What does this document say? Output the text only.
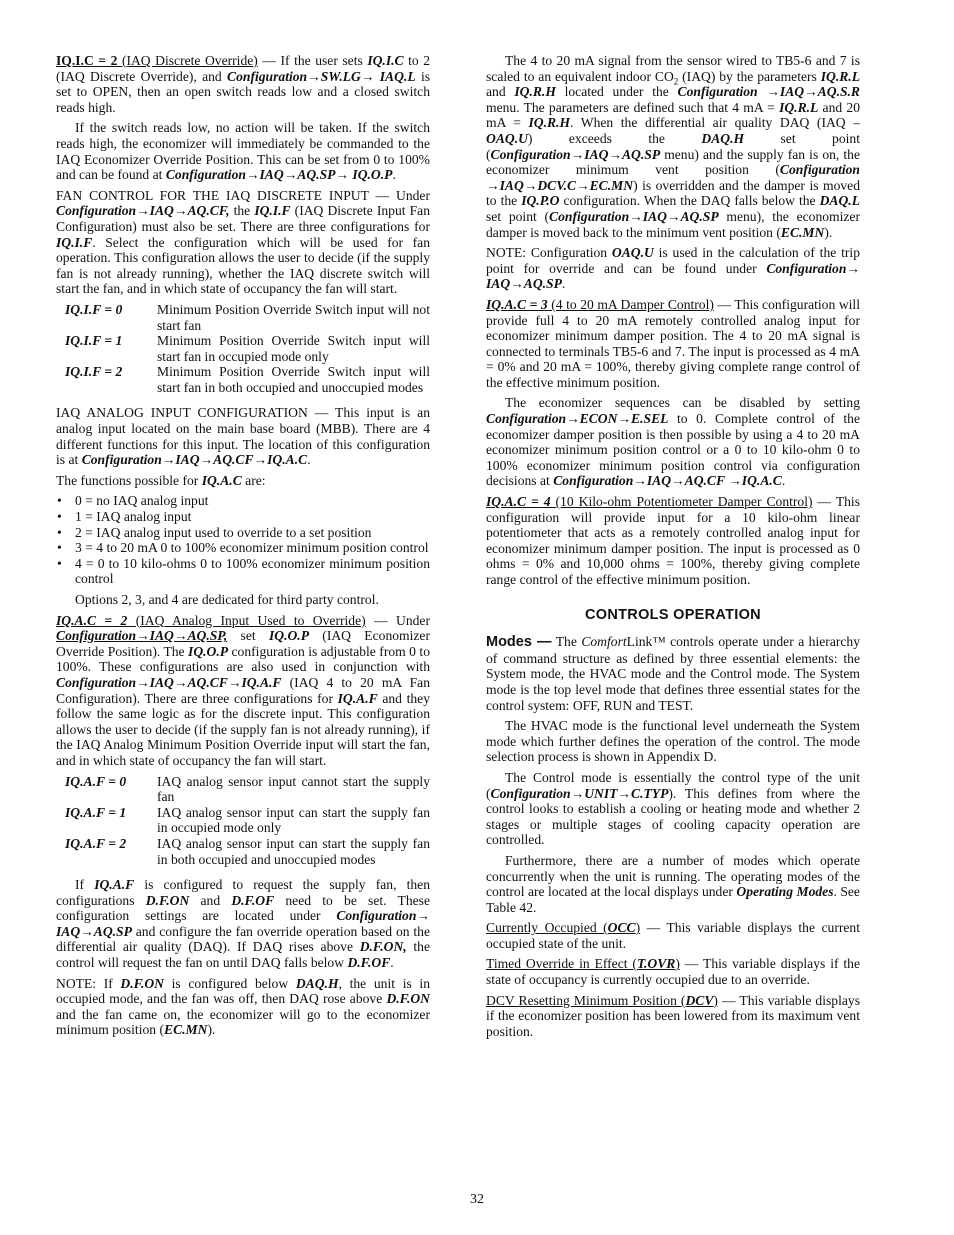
IQ.I.C = 2 (IAQ Discrete Override) — If the user sets IQ.I.C to 2 (IAQ Discrete Override), and Configuration→SW.LG→ IAQ.L is set to OPEN, then an open switch reads low and a closed switch reads high.

If the switch reads low, no action will be taken. If the switch reads high, the economizer will immediately be commanded to the IAQ Economizer Override Position. This can be set from 0 to 100% and can be found at Configuration→IAQ→AQ.SP→ IQ.O.P.

FAN CONTROL FOR THE IAQ DISCRETE INPUT — Under Configuration→IAQ→AQ.CF, the IQ.I.F (IAQ Discrete Input Fan Configuration) must also be set. There are three configurations for IQ.I.F. Select the configuration which will be used for fan operation. This configuration allows the user to decide (if the supply fan is not already running), whether the IAQ discrete switch will start the fan, and in which state of occupancy the fan will start.

IQ.I.F = 0	Minimum Position Override Switch input will not start fan
IQ.I.F = 1	Minimum Position Override Switch input will start fan in occupied mode only
IQ.I.F = 2	Minimum Position Override Switch input will start fan in both occupied and unoccupied modes

IAQ ANALOG INPUT CONFIGURATION — This input is an analog input located on the main base board (MBB). There are 4 different functions for this input. The location of this configuration is at Configuration→IAQ→AQ.CF→IQ.A.C.

The functions possible for IQ.A.C are:

• 0 = no IAQ analog input
• 1 = IAQ analog input
• 2 = IAQ analog input used to override to a set position
• 3 = 4 to 20 mA 0 to 100% economizer minimum position control
• 4 = 0 to 10 kilo-ohms 0 to 100% economizer minimum position control

Options 2, 3, and 4 are dedicated for third party control.

IQ.A.C = 2 (IAQ Analog Input Used to Override) — Under Configuration→IAQ→AQ.SP, set IQ.O.P (IAQ Economizer Override Position). The IQ.O.P configuration is adjustable from 0 to 100%. These configurations are also used in conjunction with Configuration→IAQ→AQ.CF→IQ.A.F (IAQ 4 to 20 mA Fan Configuration). There are three configurations for IQ.A.F and they follow the same logic as for the discrete input. This configuration allows the user to decide (if the supply fan is not already running), if the IAQ Analog Minimum Position Override input will start the fan, and in which state of occupancy the fan will start.

IQ.A.F = 0	IAQ analog sensor input cannot start the supply fan
IQ.A.F = 1	IAQ analog sensor input can start the supply fan in occupied mode only
IQ.A.F = 2	IAQ analog sensor input can start the supply fan in both occupied and unoccupied modes

If IQ.A.F is configured to request the supply fan, then configurations D.F.ON and D.F.OF need to be set. These configuration settings are located under Configuration→ IAQ→AQ.SP and configure the fan override operation based on the differential air quality (DAQ). If DAQ rises above D.F.ON, the control will request the fan on until DAQ falls below D.F.OF.

NOTE: If D.F.ON is configured below DAQ.H, the unit is in occupied mode, and the fan was off, then DAQ rose above D.F.ON and the fan came on, the economizer will go to the economizer minimum position (EC.MN).

The 4 to 20 mA signal from the sensor wired to TB5-6 and 7 is scaled to an equivalent indoor $CO_2$ (IAQ) by the parameters IQ.R.L and IQ.R.H located under the Configuration →IAQ→AQ.S.R menu. The parameters are defined such that 4 mA = IQ.R.L and 20 mA = IQ.R.H. When the differential air quality DAQ (IAQ – OAQ.U) exceeds the DAQ.H set point (Configuration→IAQ→AQ.SP menu) and the supply fan is on, the economizer minimum vent position (Configuration →IAQ→DCV.C→EC.MN) is overridden and the damper is moved to the IQ.P.O configuration. When the DAQ falls below the DAQ.L set point (Configuration→IAQ→AQ.SP menu), the economizer damper is moved back to the minimum vent position (EC.MN).

NOTE: Configuration OAQ.U is used in the calculation of the trip point for override and can be found under Configuration→ IAQ→AQ.SP.

IQ.A.C = 3 (4 to 20 mA Damper Control) — This configuration will provide full 4 to 20 mA remotely controlled analog input for economizer minimum damper position. The 4 to 20 mA signal is connected to terminals TB5-6 and 7. The input is processed as 4 mA = 0% and 20 mA = 100%, thereby giving complete range control of the effective minimum position.

The economizer sequences can be disabled by setting Configuration→ECON→E.SEL to 0. Complete control of the economizer damper position is then possible by using a 4 to 20 mA economizer minimum position control or a 0 to 10 kilo-ohm 0 to 100% economizer minimum position control via configuration decisions at Configuration→IAQ→AQ.CF →IQ.A.C.

IQ.A.C = 4 (10 Kilo-ohm Potentiometer Damper Control) — This configuration will provide input for a 10 kilo-ohm linear potentiometer that acts as a remotely controlled analog input for economizer minimum damper position. The input is processed as 0 ohms = 0% and 10,000 ohms = 100%, thereby giving complete range control of the effective minimum position.

CONTROLS OPERATION

Modes — The ComfortLink™ controls operate under a hierarchy of command structure as defined by three essential elements: the System mode, the HVAC mode and the Control mode. The System mode is the top level mode that defines three essential states for the control system: OFF, RUN and TEST.

The HVAC mode is the functional level underneath the System mode which further defines the operation of the control. The mode selection process is shown in Appendix D.

The Control mode is essentially the control type of the unit (Configuration→UNIT→C.TYP). This defines from where the control looks to establish a cooling or heating mode and whether 2 stages or multiple stages of cooling capacity operation are controlled.

Furthermore, there are a number of modes which operate concurrently when the unit is running. The operating modes of the control are located at the local displays under Operating Modes. See Table 42.

Currently Occupied (OCC) — This variable displays the current occupied state of the unit.

Timed Override in Effect (T.OVR) — This variable displays if the state of occupancy is currently occupied due to an override.

DCV Resetting Minimum Position (DCV) — This variable displays if the economizer position has been lowered from its maximum vent position.

32
